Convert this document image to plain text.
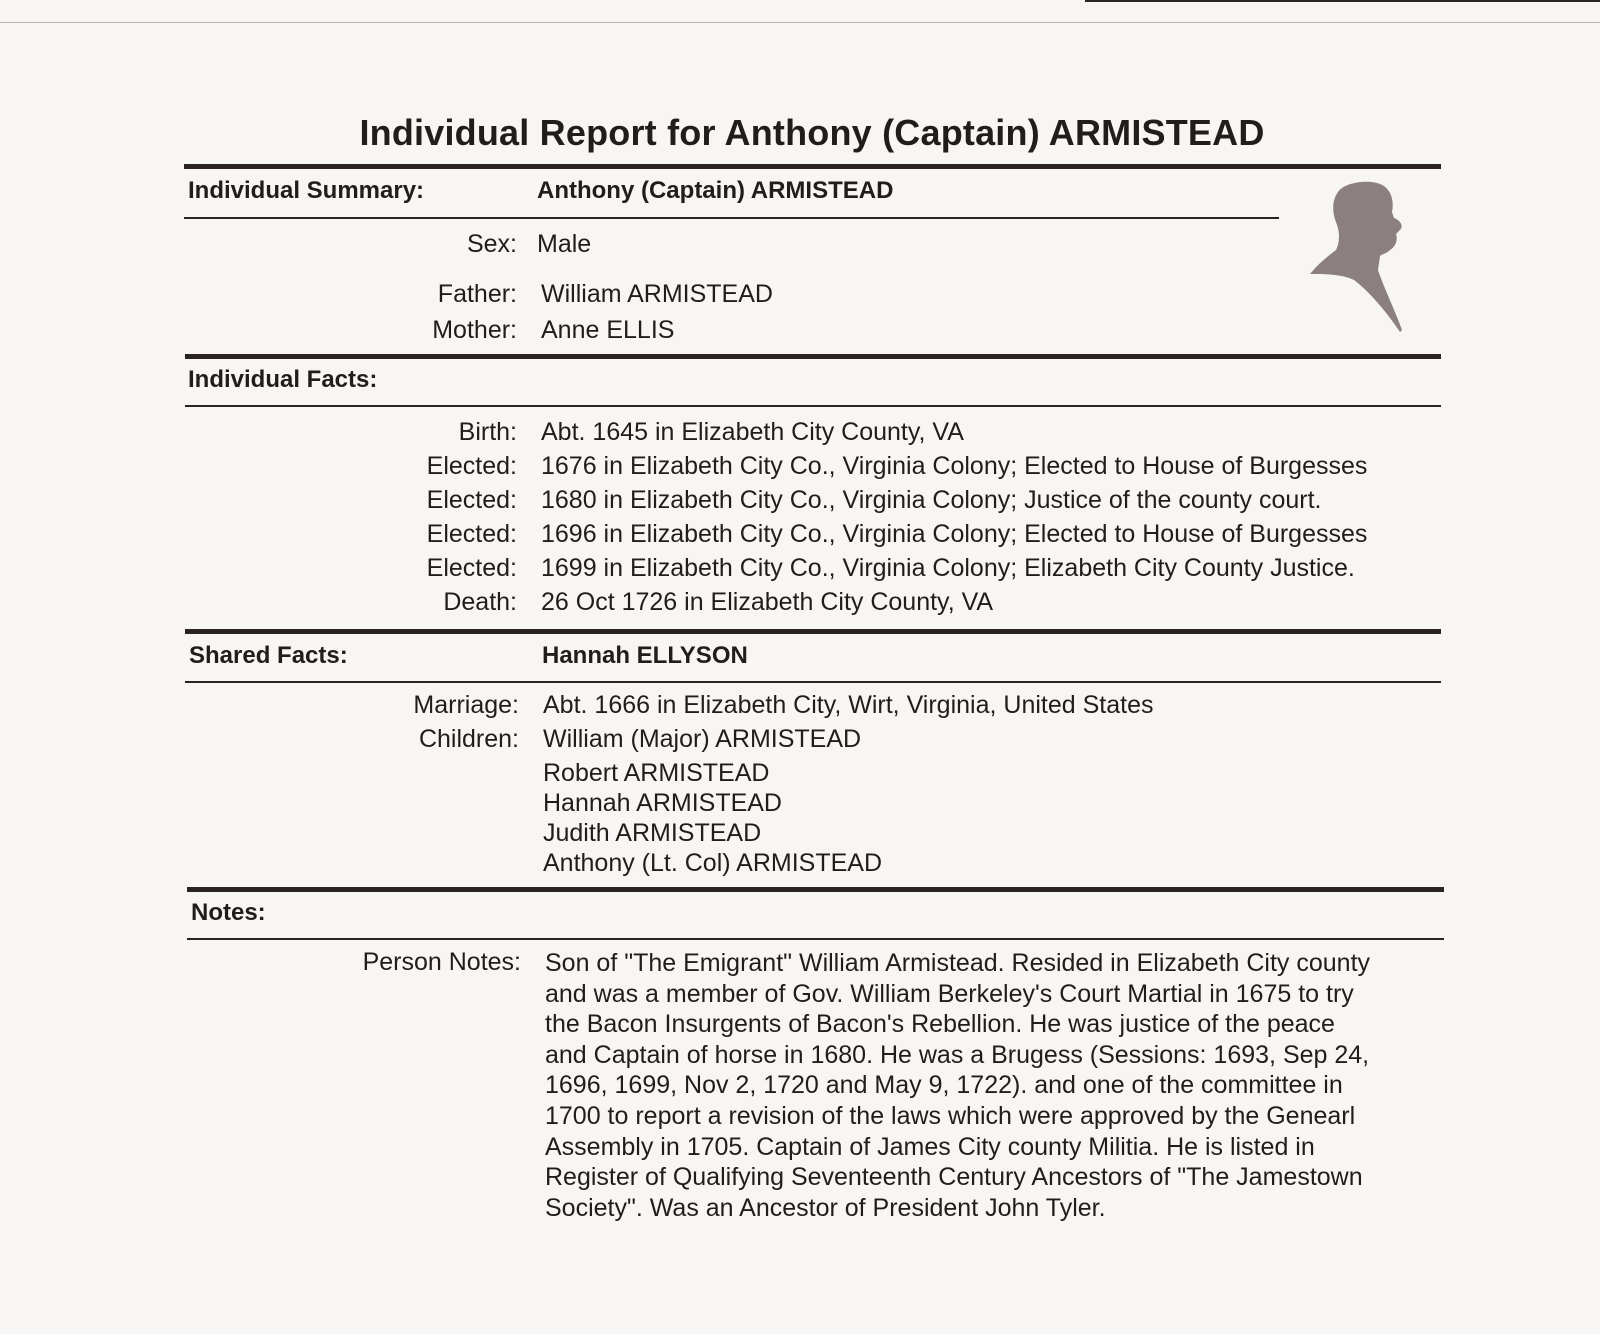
Individual Report for Anthony (Captain) ARMISTEAD
Individual Summary:	Anthony (Captain) ARMISTEAD
Sex: Male
Father: William ARMISTEAD
Mother: Anne ELLIS
Individual Facts:
Birth: Abt. 1645 in Elizabeth City County, VA
Elected: 1676 in Elizabeth City Co., Virginia Colony; Elected to House of Burgesses
Elected: 1680 in Elizabeth City Co., Virginia Colony; Justice of the county court.
Elected: 1696 in Elizabeth City Co., Virginia Colony; Elected to House of Burgesses
Elected: 1699 in Elizabeth City Co., Virginia Colony; Elizabeth City County Justice.
Death: 26 Oct 1726 in Elizabeth City County, VA
Shared Facts:	Hannah ELLYSON
Marriage: Abt. 1666 in Elizabeth City, Wirt, Virginia, United States
Children: William (Major) ARMISTEAD
Robert ARMISTEAD
Hannah ARMISTEAD
Judith ARMISTEAD
Anthony (Lt. Col) ARMISTEAD
Notes:
Person Notes: Son of "The Emigrant" William Armistead. Resided in Elizabeth City county
and was a member of Gov. William Berkeley's Court Martial in 1675 to try
the Bacon Insurgents of Bacon's Rebellion. He was justice of the peace
and Captain of horse in 1680. He was a Brugess (Sessions: 1693, Sep 24,
1696, 1699, Nov 2, 1720 and May 9, 1722). and one of the committee in
1700 to report a revision of the laws which were approved by the Genearl
Assembly in 1705. Captain of James City county Militia. He is listed in
Register of Qualifying Seventeenth Century Ancestors of "The Jamestown
Society". Was an Ancestor of President John Tyler.
